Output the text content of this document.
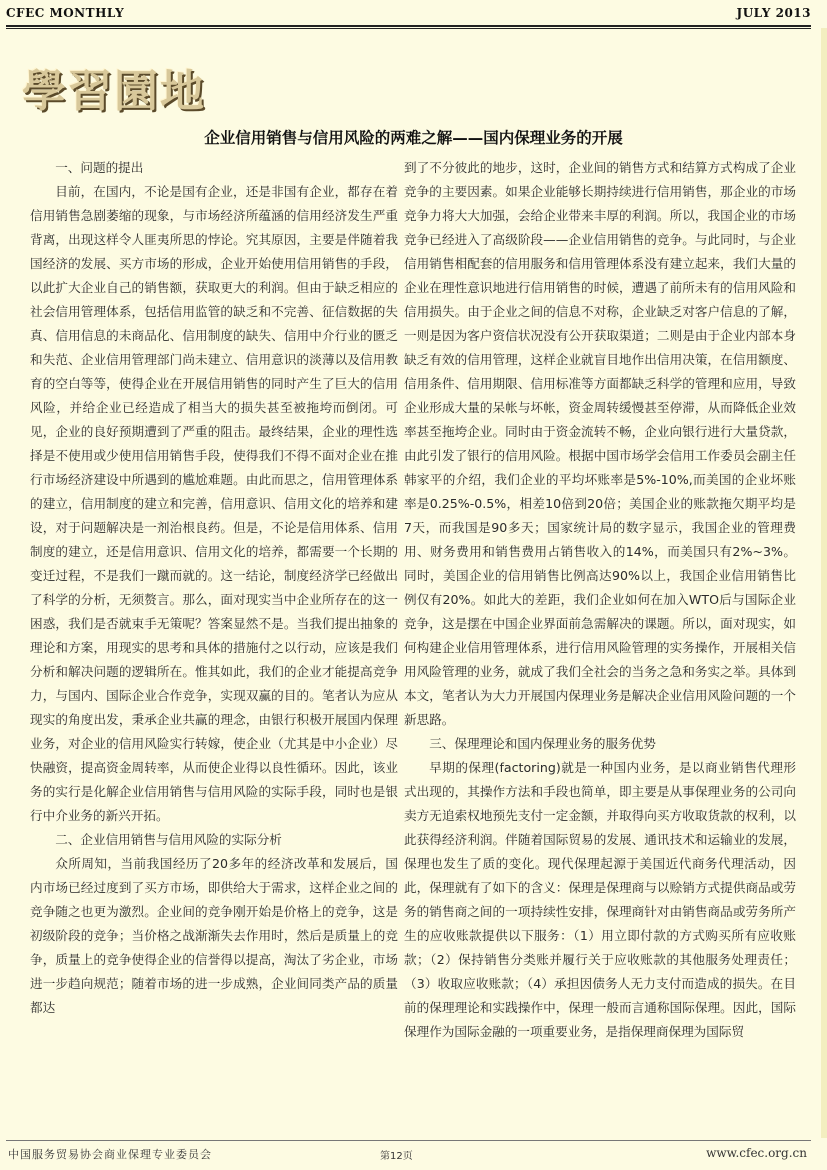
CFEC MONTHLY	JULY 2013
學習園地
企业信用销售与信用风险的两难之解——国内保理业务的开展
一、问题的提出

目前，在国内，不论是国有企业，还是非国有企业，都存在着信用销售急剧萎缩的现象，与市场经济所蕴涵的信用经济发生严重背离，出现这样令人匪夷所思的悖论。究其原因，主要是伴随着我国经济的发展、买方市场的形成，企业开始使用信用销售的手段，以此扩大企业自己的销售额，获取更大的利润。但由于缺乏相应的社会信用管理体系，包括信用监管的缺乏和不完善、征信数据的失真、信用信息的未商品化、信用制度的缺失、信用中介行业的匮乏和失范、企业信用管理部门尚未建立、信用意识的淡薄以及信用教育的空白等等，使得企业在开展信用销售的同时产生了巨大的信用风险，并给企业已经造成了相当大的损失甚至被拖垮而倒闭。可见，企业的良好预期遭到了严重的阻击。最终结果，企业的理性选择是不使用或少使用信用销售手段，使得我们不得不面对企业在推行市场经济建设中所遇到的尴尬难题。由此而思之，信用管理体系的建立，信用制度的建立和完善，信用意识、信用文化的培养和建设，对于问题解决是一剂治根良药。但是，不论是信用体系、信用制度的建立，还是信用意识、信用文化的培养，都需要一个长期的变迁过程，不是我们一蹴而就的。这一结论，制度经济学已经做出了科学的分析，无须赘言。那么，面对现实当中企业所存在的这一困惑，我们是否就束手无策呢？答案显然不是。当我们提出抽象的理论和方案，用现实的思考和具体的措施付之以行动，应该是我们分析和解决问题的逻辑所在。惟其如此，我们的企业才能提高竞争力，与国内、国际企业合作竞争，实现双赢的目的。笔者认为应从现实的角度出发，秉承企业共赢的理念，由银行积极开展国内保理业务，对企业的信用风险实行转嫁，使企业（尤其是中小企业）尽快融资，提高资金周转率，从而使企业得以良性循环。因此，该业务的实行是化解企业信用销售与信用风险的实际手段，同时也是银行中介业务的新兴开拓。

二、企业信用销售与信用风险的实际分析

众所周知，当前我国经历了20多年的经济改革和发展后，国内市场已经过度到了买方市场，即供给大于需求，这样企业之间的竞争随之也更为激烈。企业间的竞争刚开始是价格上的竞争，这是初级阶段的竞争；当价格之战渐渐失去作用时，然后是质量上的竞争，质量上的竞争使得企业的信誉得以提高，淘汰了劣企业，市场进一步趋向规范；随着市场的进一步成熟，企业间同类产品的质量都达

到了不分彼此的地步，这时，企业间的销售方式和结算方式构成了企业竞争的主要因素。如果企业能够长期持续进行信用销售，那企业的市场竞争力将大大加强，会给企业带来丰厚的利润。所以，我国企业的市场竞争已经进入了高级阶段——企业信用销售的竞争。与此同时，与企业信用销售相配套的信用服务和信用管理体系没有建立起来，我们大量的企业在理性意识地进行信用销售的时候，遭遇了前所未有的信用风险和信用损失。由于企业之间的信息不对称，企业缺乏对客户信息的了解，一则是因为客户资信状况没有公开获取渠道；二则是由于企业内部本身缺乏有效的信用管理，这样企业就盲目地作出信用决策，在信用额度、信用条件、信用期限、信用标准等方面都缺乏科学的管理和应用，导致企业形成大量的呆帐与坏帐，资金周转缓慢甚至停滞，从而降低企业效率甚至拖垮企业。同时由于资金流转不畅，企业向银行进行大量贷款，由此引发了银行的信用风险。根据中国市场学会信用工作委员会副主任韩家平的介绍，我们企业的平均坏账率是5%-10%,而美国的企业坏账率是0.25%-0.5%，相差10倍到20倍；美国企业的账款拖欠期平均是7天，而我国是90多天；国家统计局的数字显示，我国企业的管理费用、财务费用和销售费用占销售收入的14%，而美国只有2%~3%。同时，美国企业的信用销售比例高达90%以上，我国企业信用销售比例仅有20%。如此大的差距，我们企业如何在加入WTO后与国际企业竞争，这是摆在中国企业界面前急需解决的课题。所以，面对现实，如何构建企业信用管理体系，进行信用风险管理的实务操作，开展相关信用风险管理的业务，就成了我们全社会的当务之急和务实之举。具体到本文，笔者认为大力开展国内保理业务是解决企业信用风险问题的一个新思路。

三、保理理论和国内保理业务的服务优势

早期的保理(factoring)就是一种国内业务，是以商业销售代理形式出现的，其操作方法和手段也简单，即主要是从事保理业务的公司向卖方无追索权地预先支付一定金额，并取得向买方收取货款的权利，以此获得经济利润。伴随着国际贸易的发展、通讯技术和运输业的发展，保理也发生了质的变化。现代保理起源于美国近代商务代理活动，因此，保理就有了如下的含义：保理是保理商与以赊销方式提供商品或劳务的销售商之间的一项持续性安排，保理商针对由销售商品或劳务所产生的应收账款提供以下服务：（1）用立即付款的方式购买所有应收账款；（2）保持销售分类账并履行关于应收账款的其他服务处理责任；（3）收取应收账款；（4）承担因债务人无力支付而造成的损失。在目前的保理理论和实践操作中，保理一般而言通称国际保理。因此，国际保理作为国际金融的一项重要业务，是指保理商保理为国际贸

中国服务贸易协会商业保理专业委员会	第12页	www.cfec.org.cn
